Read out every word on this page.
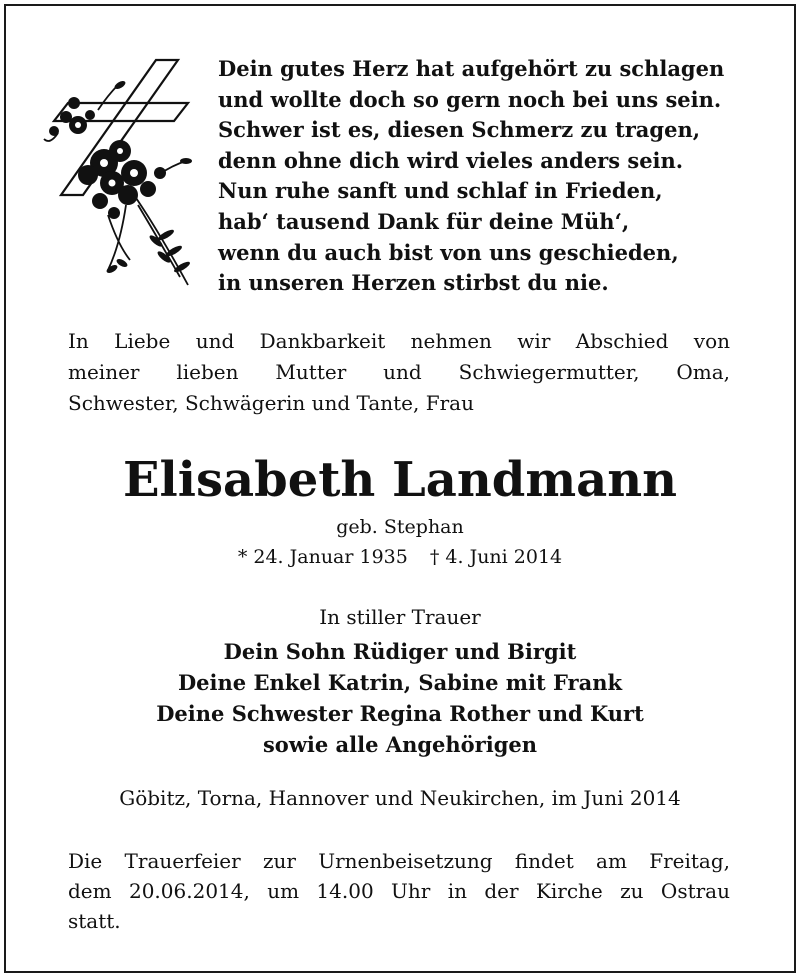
Dein gutes Herz hat aufgehört zu schlagen
und wollte doch so gern noch bei uns sein.
Schwer ist es, diesen Schmerz zu tragen,
denn ohne dich wird vieles anders sein.
Nun ruhe sanft und schlaf in Frieden,
hab‘ tausend Dank für deine Müh‘,
wenn du auch bist von uns geschieden,
in unseren Herzen stirbst du nie.
In Liebe und Dankbarkeit nehmen wir Abschied von
meiner lieben Mutter und Schwiegermutter, Oma,
Schwester, Schwägerin und Tante, Frau
Elisabeth Landmann
geb. Stephan
* 24. Januar 1935 † 4. Juni 2014
In stiller Trauer
Dein Sohn Rüdiger und Birgit
Deine Enkel Katrin, Sabine mit Frank
Deine Schwester Regina Rother und Kurt
sowie alle Angehörigen
Göbitz, Torna, Hannover und Neukirchen, im Juni 2014
Die Trauerfeier zur Urnenbeisetzung findet am Freitag,
dem 20.06.2014, um 14.00 Uhr in der Kirche zu Ostrau
statt.
